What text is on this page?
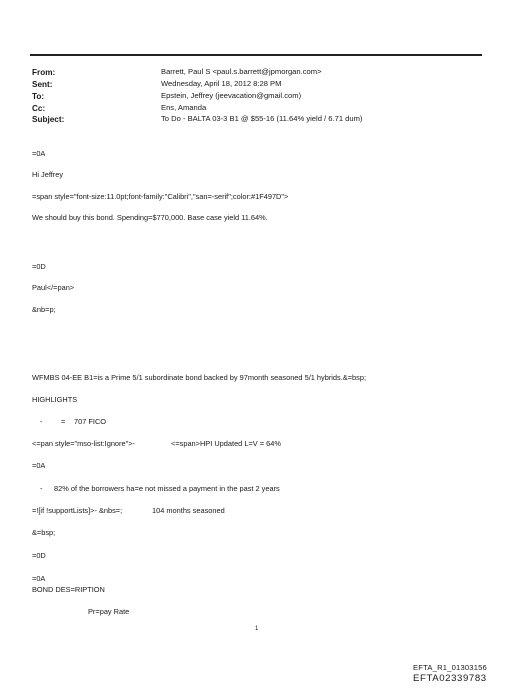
From:	Barrett, Paul S <paul.s.barrett@jpmorgan.com>
Sent:	Wednesday, April 18, 2012 8:28 PM
To:	Epstein, Jeffrey (jeevacation@gmail.com)
Cc:	Ens, Amanda
Subject:	To Do - BALTA 03-3 B1 @ $55-16 (11.64% yield / 6.71 dum)
=0A
Hi Jeffrey
=span style="font-size:11.0pt;font-family:"Calibri","san=-serif";color:#1F497D">
We should buy this bond. Spending=$770,000. Base case yield 11.64%.
=0D
Paul</=pan>
&nb=p;
WFMBS 04-EE B1=is a Prime 5/1 subordinate bond backed by 97month seasoned 5/1 hybrids.&=bsp;
HIGHLIGHTS
-	= 707 FICO
<=pan style="mso-list:Ignore">-	<=span>HPI Updated L=V = 64%
=0A
- 82% of the borrowers ha=e not missed a payment in the past 2 years
=![if !supportLists]>- &nbs=;	104 months seasoned
&=bsp;
=0D
=0A
BOND DES=RIPTION
Pr=pay Rate
1
EFTA_R1_01303156
EFTA02339783
